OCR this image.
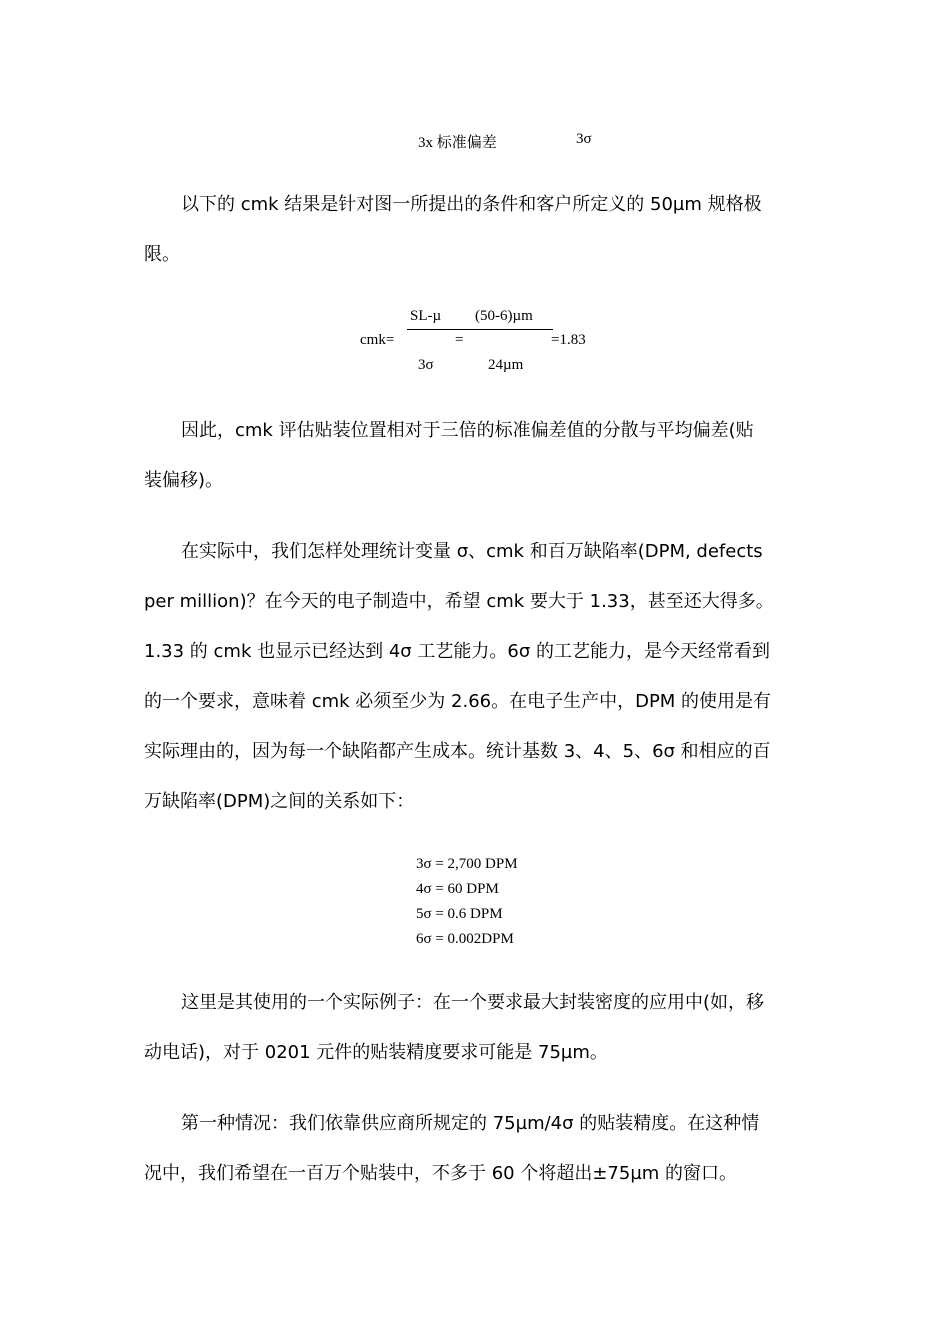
3x 标准偏差	3σ
以下的 cmk 结果是针对图一所提出的条件和客户所定义的 50µm 规格极
限。
SL-µ (50-6)µm
cmk=	=	=1.83
3σ	24µm
因此，cmk 评估贴装位置相对于三倍的标准偏差值的分散与平均偏差(贴
装偏移)。
在实际中，我们怎样处理统计变量 σ、cmk 和百万缺陷率(DPM, defects
per million)？在今天的电子制造中，希望 cmk 要大于 1.33，甚至还大得多。
1.33 的 cmk 也显示已经达到 4σ 工艺能力。6σ 的工艺能力，是今天经常看到
的一个要求，意味着 cmk 必须至少为 2.66。在电子生产中，DPM 的使用是有
实际理由的，因为每一个缺陷都产生成本。统计基数 3、4、5、6σ 和相应的百
万缺陷率(DPM)之间的关系如下：
3σ = 2,700 DPM
4σ = 60 DPM
5σ = 0.6 DPM
6σ = 0.002DPM
这里是其使用的一个实际例子：在一个要求最大封装密度的应用中(如，移
动电话)，对于 0201 元件的贴装精度要求可能是 75µm。
第一种情况：我们依靠供应商所规定的 75µm/4σ 的贴装精度。在这种情
况中，我们希望在一百万个贴装中，不多于 60 个将超出±75µm 的窗口。
